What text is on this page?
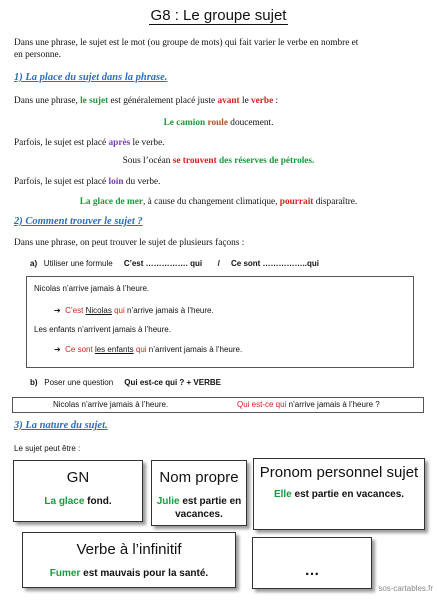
G8 : Le groupe sujet
Dans une phrase, le sujet est le mot (ou groupe de mots) qui fait varier le verbe en nombre et
en personne.
1) La place du sujet dans la phrase.
Dans une phrase, le sujet est généralement placé juste avant le verbe :
Le camion roule doucement.
Parfois, le sujet est placé après le verbe.
Sous l’océan se trouvent des réserves de pétroles.
Parfois, le sujet est placé loin du verbe.
La glace de mer, à cause du changement climatique, pourrait disparaître.
2) Comment trouver le sujet ?
Dans une phrase, on peut trouver le sujet de plusieurs façons :
a) Utiliser une formule C’est ……………. qui / Ce sont ……………..qui
Nicolas n’arrive jamais à l’heure.
➔ C’est Nicolas qui n’arrive jamais à l’heure.
Les enfants n’arrivent jamais à l’heure.
➔ Ce sont les enfants qui n’arrivent jamais à l’heure.
b) Poser une question Qui est-ce qui ? + VERBE
Nicolas n’arrive jamais à l’heure.	Qui est-ce qui n’arrive jamais à l’heure ?
3) La nature du sujet.
Le sujet peut être :
GN
La glace fond.
Nom propre
Julie est partie en vacances.
Pronom personnel sujet
Elle est partie en vacances.
Verbe à l’infinitif
Fumer est mauvais pour la santé.	…
sos-cartables.fr
